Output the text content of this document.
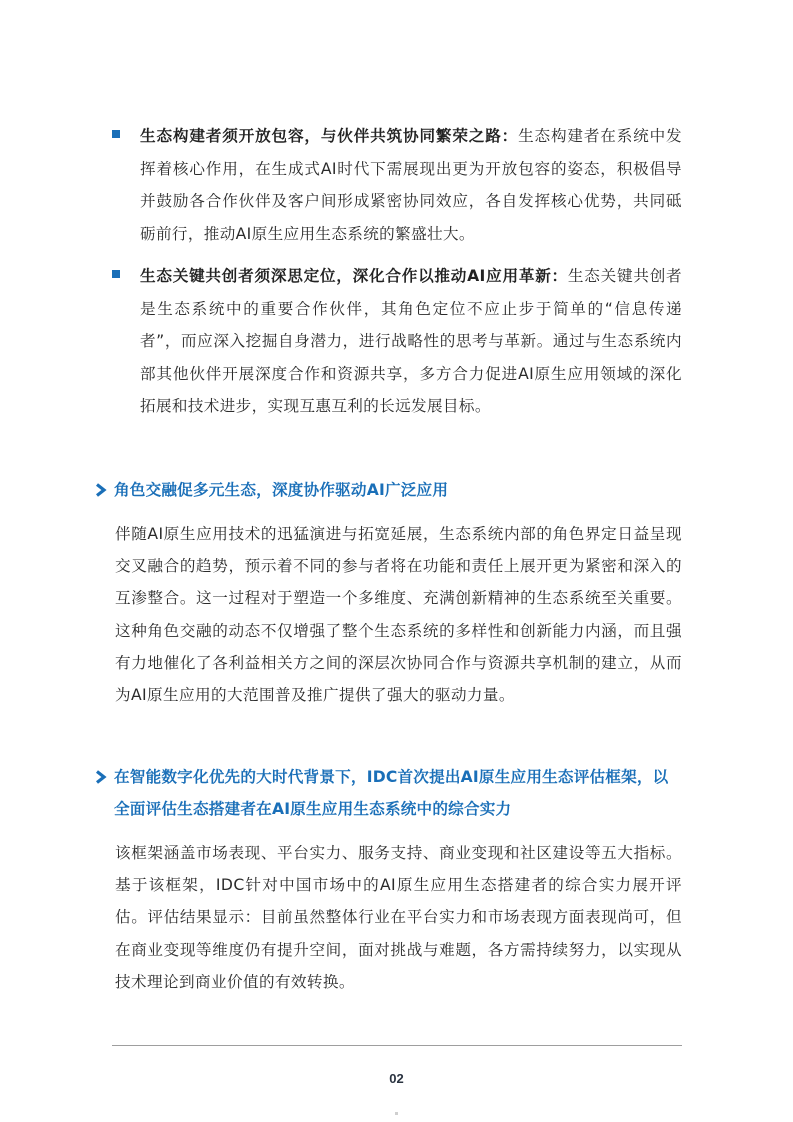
生态构建者须开放包容，与伙伴共筑协同繁荣之路：生态构建者在系统中发挥着核心作用，在生成式AI时代下需展现出更为开放包容的姿态，积极倡导并鼓励各合作伙伴及客户间形成紧密协同效应，各自发挥核心优势，共同砥砺前行，推动AI原生应用生态系统的繁盛壮大。

生态关键共创者须深思定位，深化合作以推动AI应用革新：生态关键共创者是生态系统中的重要合作伙伴，其角色定位不应止步于简单的“信息传递者”，而应深入挖掘自身潜力，进行战略性的思考与革新。通过与生态系统内部其他伙伴开展深度合作和资源共享，多方合力促进AI原生应用领域的深化拓展和技术进步，实现互惠互利的长远发展目标。

角色交融促多元生态，深度协作驱动AI广泛应用

伴随AI原生应用技术的迅猛演进与拓宽延展，生态系统内部的角色界定日益呈现交叉融合的趋势，预示着不同的参与者将在功能和责任上展开更为紧密和深入的互渗整合。这一过程对于塑造一个多维度、充满创新精神的生态系统至关重要。这种角色交融的动态不仅增强了整个生态系统的多样性和创新能力内涵，而且强有力地催化了各利益相关方之间的深层次协同合作与资源共享机制的建立，从而为AI原生应用的大范围普及推广提供了强大的驱动力量。

在智能数字化优先的大时代背景下，IDC首次提出AI原生应用生态评估框架，以
全面评估生态搭建者在AI原生应用生态系统中的综合实力

该框架涵盖市场表现、平台实力、服务支持、商业变现和社区建设等五大指标。基于该框架，IDC针对中国市场中的AI原生应用生态搭建者的综合实力展开评估。评估结果显示：目前虽然整体行业在平台实力和市场表现方面表现尚可，但在商业变现等维度仍有提升空间，面对挑战与难题，各方需持续努力，以实现从技术理论到商业价值的有效转换。

02
